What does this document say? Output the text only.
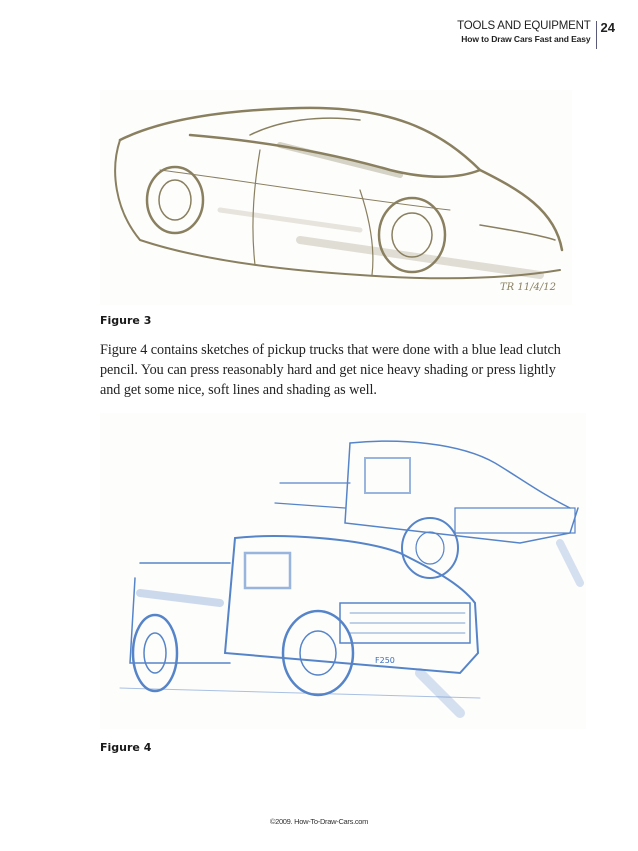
TOOLS AND EQUIPMENT
How to Draw Cars Fast and Easy
24
TR 11/4/12
Figure 3

Figure 4 contains sketches of pickup trucks that were done with a blue lead clutch pencil. You can press reasonably hard and get nice heavy shading or press lightly and get some nice, soft lines and shading as well.

F250
Figure 4
©2009. How-To-Draw-Cars.com
